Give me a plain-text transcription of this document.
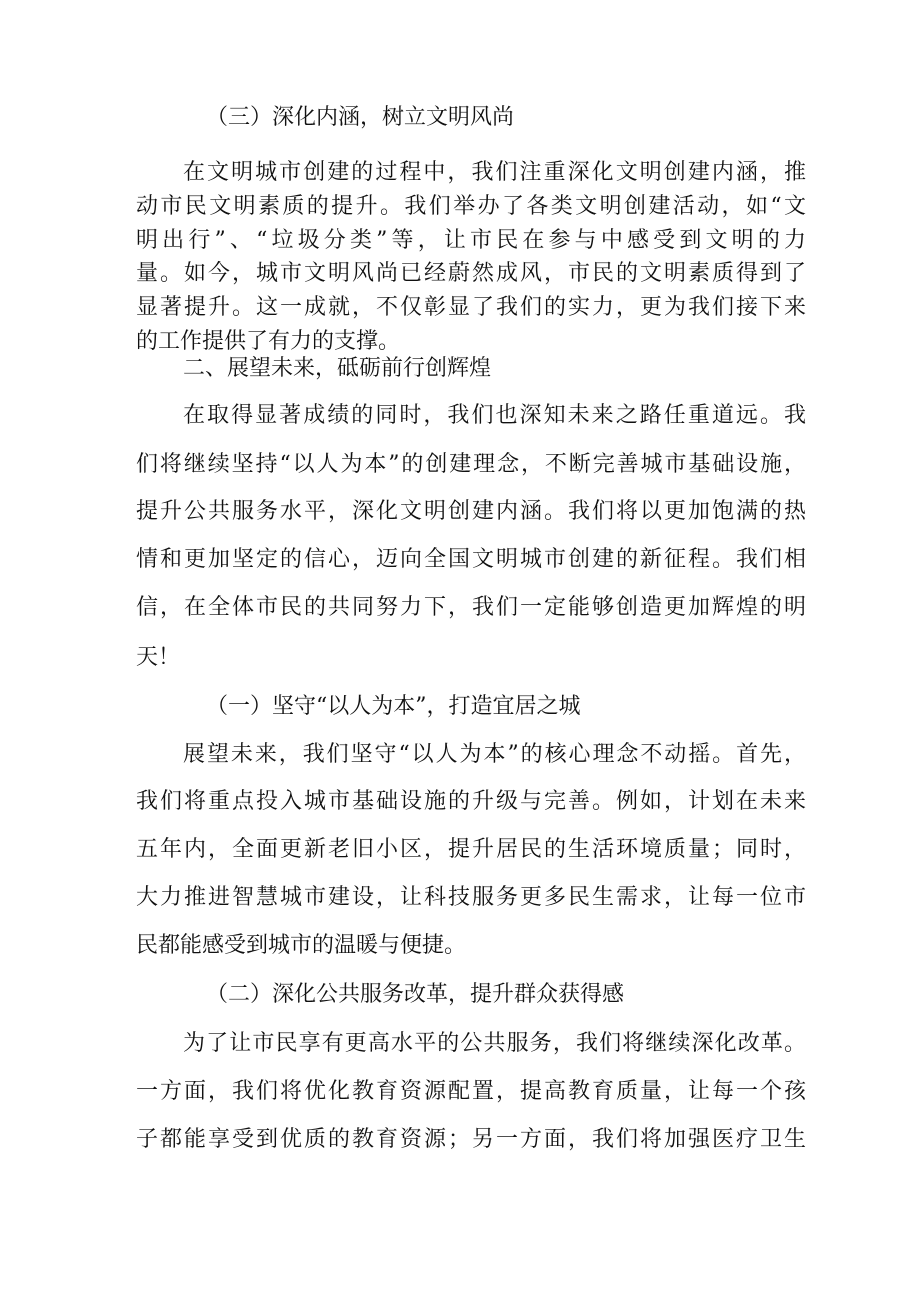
（三）深化内涵，树立文明风尚
在文明城市创建的过程中，我们注重深化文明创建内涵，推
动市民文明素质的提升。我们举办了各类文明创建活动，如“文
明出行”、“垃圾分类”等，让市民在参与中感受到文明的力
量。如今，城市文明风尚已经蔚然成风，市民的文明素质得到了
显著提升。这一成就，不仅彰显了我们的实力，更为我们接下来
的工作提供了有力的支撑。
二、展望未来，砥砺前行创辉煌
在取得显著成绩的同时，我们也深知未来之路任重道远。我
们将继续坚持“以人为本”的创建理念，不断完善城市基础设施，
提升公共服务水平，深化文明创建内涵。我们将以更加饱满的热
情和更加坚定的信心，迈向全国文明城市创建的新征程。我们相
信，在全体市民的共同努力下，我们一定能够创造更加辉煌的明
天！
（一）坚守“以人为本”，打造宜居之城
展望未来，我们坚守“以人为本”的核心理念不动摇。首先，
我们将重点投入城市基础设施的升级与完善。例如，计划在未来
五年内，全面更新老旧小区，提升居民的生活环境质量；同时，
大力推进智慧城市建设，让科技服务更多民生需求，让每一位市
民都能感受到城市的温暖与便捷。
（二）深化公共服务改革，提升群众获得感
为了让市民享有更高水平的公共服务，我们将继续深化改革。
一方面，我们将优化教育资源配置，提高教育质量，让每一个孩
子都能享受到优质的教育资源；另一方面，我们将加强医疗卫生
